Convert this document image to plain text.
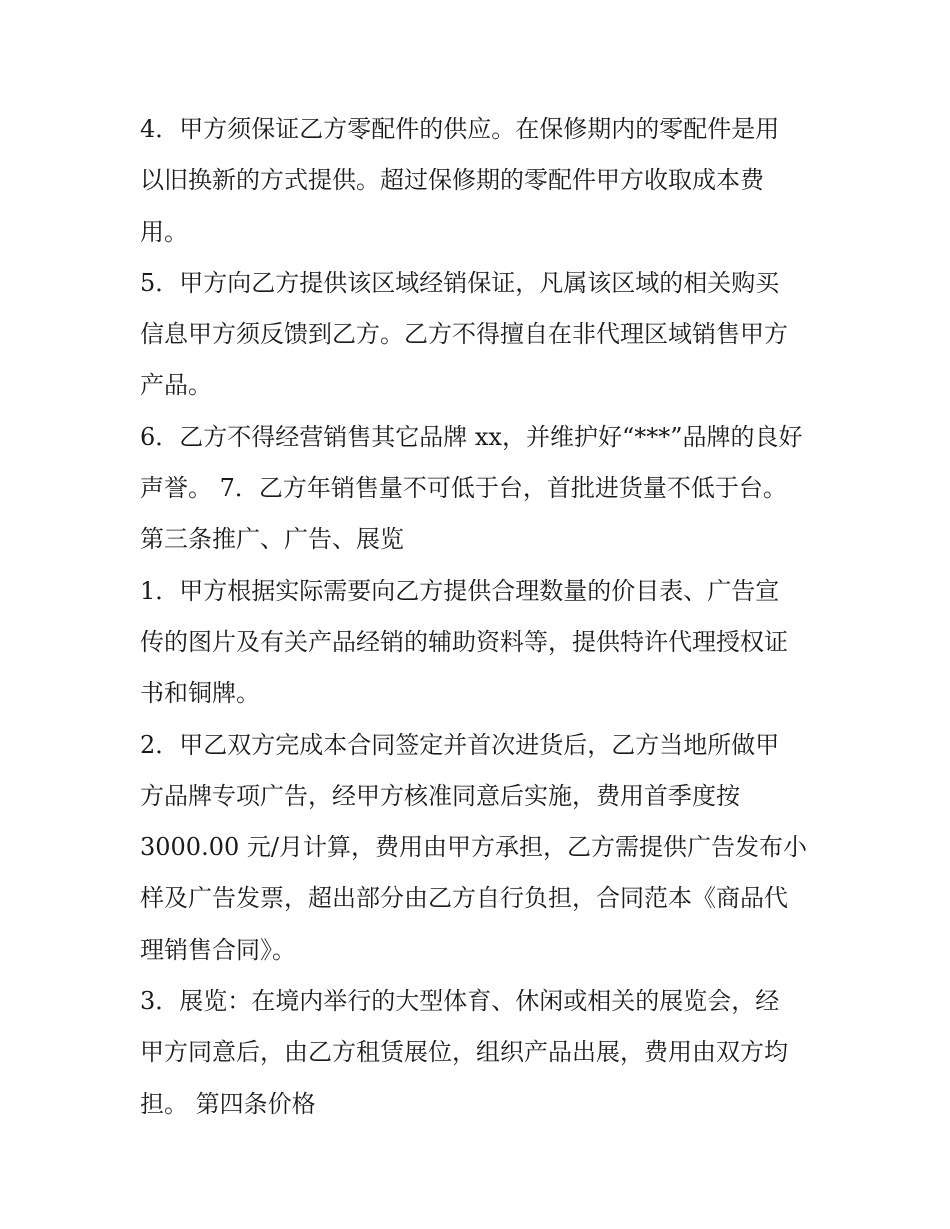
4．甲方须保证乙方零配件的供应。在保修期内的零配件是用
以旧换新的方式提供。超过保修期的零配件甲方收取成本费
用。
5．甲方向乙方提供该区域经销保证，凡属该区域的相关购买
信息甲方须反馈到乙方。乙方不得擅自在非代理区域销售甲方
产品。
6．乙方不得经营销售其它品牌 xx，并维护好“***”品牌的良好
声誉。 7．乙方年销售量不可低于台，首批进货量不低于台。
第三条推广、广告、展览
1．甲方根据实际需要向乙方提供合理数量的价目表、广告宣
传的图片及有关产品经销的辅助资料等，提供特许代理授权证
书和铜牌。
2．甲乙双方完成本合同签定并首次进货后，乙方当地所做甲
方品牌专项广告，经甲方核准同意后实施，费用首季度按
3000.00 元/月计算，费用由甲方承担，乙方需提供广告发布小
样及广告发票，超出部分由乙方自行负担，合同范本《商品代
理销售合同》。
3．展览：在境内举行的大型体育、休闲或相关的展览会，经
甲方同意后，由乙方租赁展位，组织产品出展，费用由双方均
担。 第四条价格
